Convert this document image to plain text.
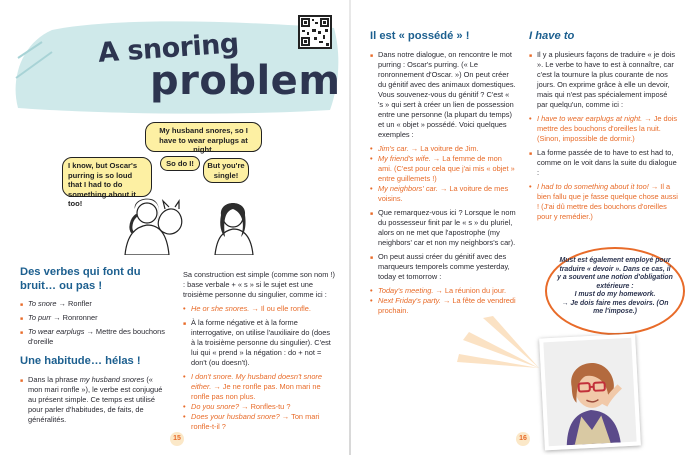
A snoring
problem
My husband snores, so I have to wear earplugs at night.
I know, but Oscar's purring is so loud that I had to do something about it too!
So do I!	But you're single!
Des verbes qui font du bruit… ou pas !
■ To snore → Ronfler
■ To purr → Ronronner
■ To wear earplugs → Mettre des bouchons d'oreille
Une habitude… hélas !
■ Dans la phrase my husband snores (« mon mari ronfle »), le verbe est conjugué au présent simple. Ce temps est utilisé pour parler d'habitudes, de faits, de généralités.
Sa construction est simple (comme son nom !) : base verbale + « s » si le sujet est une troisième personne du singulier, comme ici :
• He or she snores. → Il ou elle ronfle.
■ À la forme négative et à la forme interrogative, on utilise l'auxiliaire do (does à la troisième personne du singulier). C'est lui qui « prend » la négation : do + not = don't (ou doesn't).
• I don't snore. My husband doesn't snore either. → Je ne ronfle pas. Mon mari ne ronfle pas non plus.
• Do you snore? → Ronfles-tu ?
• Does your husband snore? → Ton mari ronfle-t-il ?
15
Il est « possédé » !
■ Dans notre dialogue, on rencontre le mot purring : Oscar's purring. (« Le ronronnement d'Oscar. ») On peut créer du génitif avec des animaux domestiques. Vous souvenez-vous du génitif ? C'est « 's » qui sert à créer un lien de possession entre une personne (la plupart du temps) et un « objet » possédé. Voici quelques exemples :
• Jim's car. → La voiture de Jim.
• My friend's wife. → La femme de mon ami. (C'est pour cela que j'ai mis « objet » entre guillemets !)
• My neighbors' car. → La voiture de mes voisins.
■ Que remarquez-vous ici ? Lorsque le nom du possesseur finit par le « s » du pluriel, alors on ne met que l'apostrophe (my neighbors' car et non my neighbors's car).
■ On peut aussi créer du génitif avec des marqueurs temporels comme yesterday, today et tomorrow :
• Today's meeting. → La réunion du jour.
• Next Friday's party. → La fête de vendredi prochain.
I have to
■ Il y a plusieurs façons de traduire « je dois ». Le verbe to have to est à connaître, car c'est la tournure la plus courante de nos jours. On exprime grâce à elle un devoir, mais qui n'est pas spécialement imposé par quelqu'un, comme ici :
• I have to wear earplugs at night. → Je dois mettre des bouchons d'oreilles la nuit. (Sinon, impossible de dormir.)
■ La forme passée de to have to est had to, comme on le voit dans la suite du dialogue :
• I had to do something about it too! → Il a bien fallu que je fasse quelque chose aussi ! (J'ai dû mettre des bouchons d'oreilles pour y remédier.)
Must est également employé pour traduire « devoir ». Dans ce cas, il y a souvent une notion d'obligation extérieure :
I must do my homework.
→ Je dois faire mes devoirs. (On me l'impose.)
16
